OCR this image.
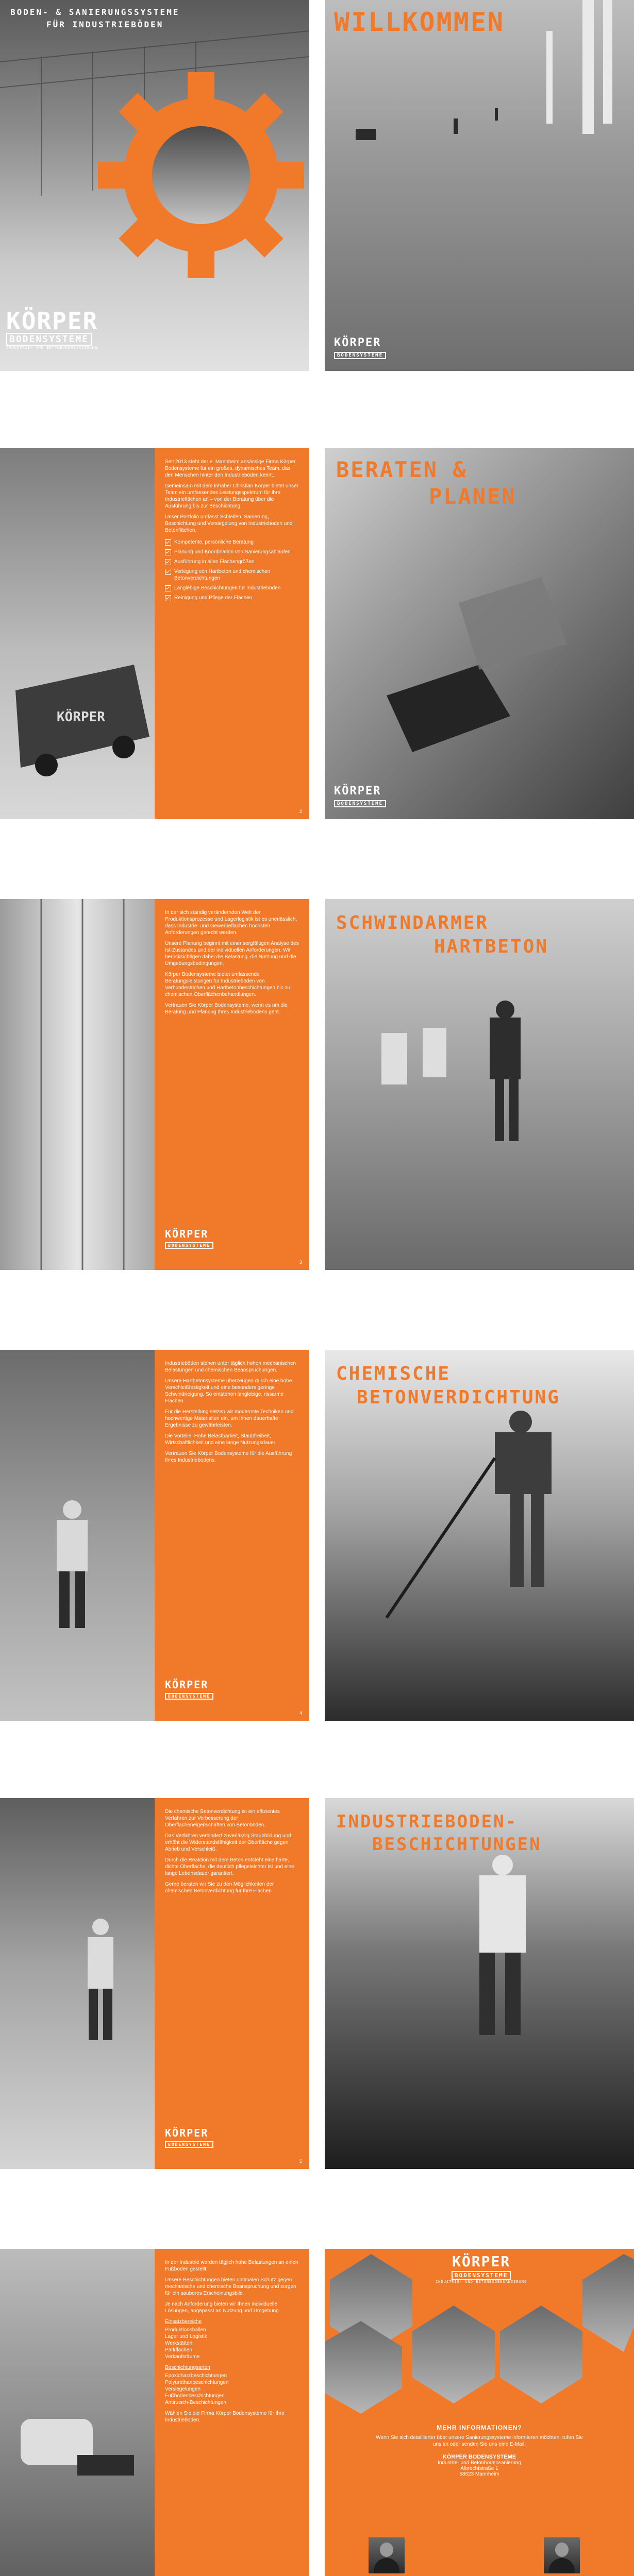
BODEN- & SANIERUNGSSYSTEME
FÜR INDUSTRIEBÖDEN
KÖRPER
BODENSYSTEME
INDUSTRIE- UND BETONBODENSANIERUNG
WILLKOMMEN
KÖRPER
BODENSYSTEME
KÖRPER

Seit 2013 steht der e. Mannheim ansässige Firma Körper Bodensysteme für ein großes, dynamisches Team, das den Menschen hinter den Industrieböden kennt.

Gemeinsam mit dem Inhaber Christian Körper bietet unser Team ein umfassendes Leistungsspektrum für Ihre Industrieflächen an – von der Beratung über die Ausführung bis zur Beschichtung.

Unser Portfolio umfasst Schleifen, Sanierung, Beschichtung und Versiegelung von Industrieböden und Betonflächen.

Kompetente, persönliche Beratung
Planung und Koordination von Sanierungsabläufen
Ausführung in allen Flächengrößen
Verlegung von Hartbeton und chemischen Betonverdichtungen
Langlebige Beschichtungen für Industrieböden
Reinigung und Pflege der Flächen
2
BERATEN &
PLANEN
KÖRPER
BODENSYSTEME

In der sich ständig verändernden Welt der Produktionsprozesse und Lagerlogistik ist es unerlässlich, dass Industrie- und Gewerbeflächen höchsten Anforderungen gerecht werden.

Unsere Planung beginnt mit einer sorgfältigen Analyse des Ist-Zustandes und der individuellen Anforderungen. Wir berücksichtigen dabei die Belastung, die Nutzung und die Umgebungsbedingungen.

Körper Bodensysteme bietet umfassende Beratungsleistungen für Industrieböden von Verbundestrichen und Hartbetonbeschichtungen bis zu chemischen Oberflächenbehandlungen.

Vertrauen Sie Körper Bodensysteme, wenn es um die Beratung und Planung Ihres Industriebodens geht.

3
KÖRPER
BODENSYSTEME
SCHWINDARMER
HARTBETON

Industrieböden stehen unter täglich hohen mechanischen Belastungen und chemischen Beanspruchungen.

Unsere Hartbetonsysteme überzeugen durch eine hohe Verschleißfestigkeit und eine besonders geringe Schwindneigung. So entstehen langlebige, rissarme Flächen.

Für die Herstellung setzen wir modernste Techniken und hochwertige Materialien ein, um Ihnen dauerhafte Ergebnisse zu gewährleisten.

Die Vorteile: Hohe Belastbarkeit, Staubfreiheit, Wirtschaftlichkeit und eine lange Nutzungsdauer.

Vertrauen Sie Körper Bodensysteme für die Ausführung Ihres Industriebodens.

4
KÖRPER
BODENSYSTEME
CHEMISCHE
BETONVERDICHTUNG

Die chemische Betonverdichtung ist ein effizientes Verfahren zur Verbesserung der Oberflächeneigenschaften von Betonböden.

Das Verfahren verhindert zuverlässig Staubbildung und erhöht die Widerstandsfähigkeit der Oberfläche gegen Abrieb und Verschleiß.

Durch die Reaktion mit dem Beton entsteht eine harte, dichte Oberfläche, die deutlich pflegeleichter ist und eine lange Lebensdauer garantiert.

Gerne beraten wir Sie zu den Möglichkeiten der chemischen Betonverdichtung für Ihre Flächen.

5
KÖRPER
BODENSYSTEME
INDUSTRIEBODEN-
BESCHICHTUNGEN

In der Industrie werden täglich hohe Belastungen an einen Fußboden gestellt.

Unsere Beschichtungen bieten optimalen Schutz gegen mechanische und chemische Beanspruchung und sorgen für ein sauberes Erscheinungsbild.

Je nach Anforderung bieten wir Ihnen individuelle Lösungen, angepasst an Nutzung und Umgebung.

Einsatzbereiche

Produktionshallen
Lager und Logistik
Werkstätten
Parkflächen
Verkaufsräume

Beschichtungsarten

Epoxidharzbeschichtungen
Polyurethanbeschichtungen
Versiegelungen
Fußbodenbeschichtungen
Antirutsch-Beschichtungen

Wählen Sie die Firma Körper Bodensysteme für Ihre Industrieböden.

KÖRPER
BODENSYSTEME
INDUSTRIE- UND BETONBODENSANIERUNG
MEHR INFORMATIONEN?
Wenn Sie sich detaillierter über unsere Sanierungssysteme informieren möchten, rufen Sie uns an oder senden Sie uns eine E-Mail.
KÖRPER BODENSYSTEME
Industrie- und Betonbodensanierung
Albrechtstraße 1
68623 Mannheim
